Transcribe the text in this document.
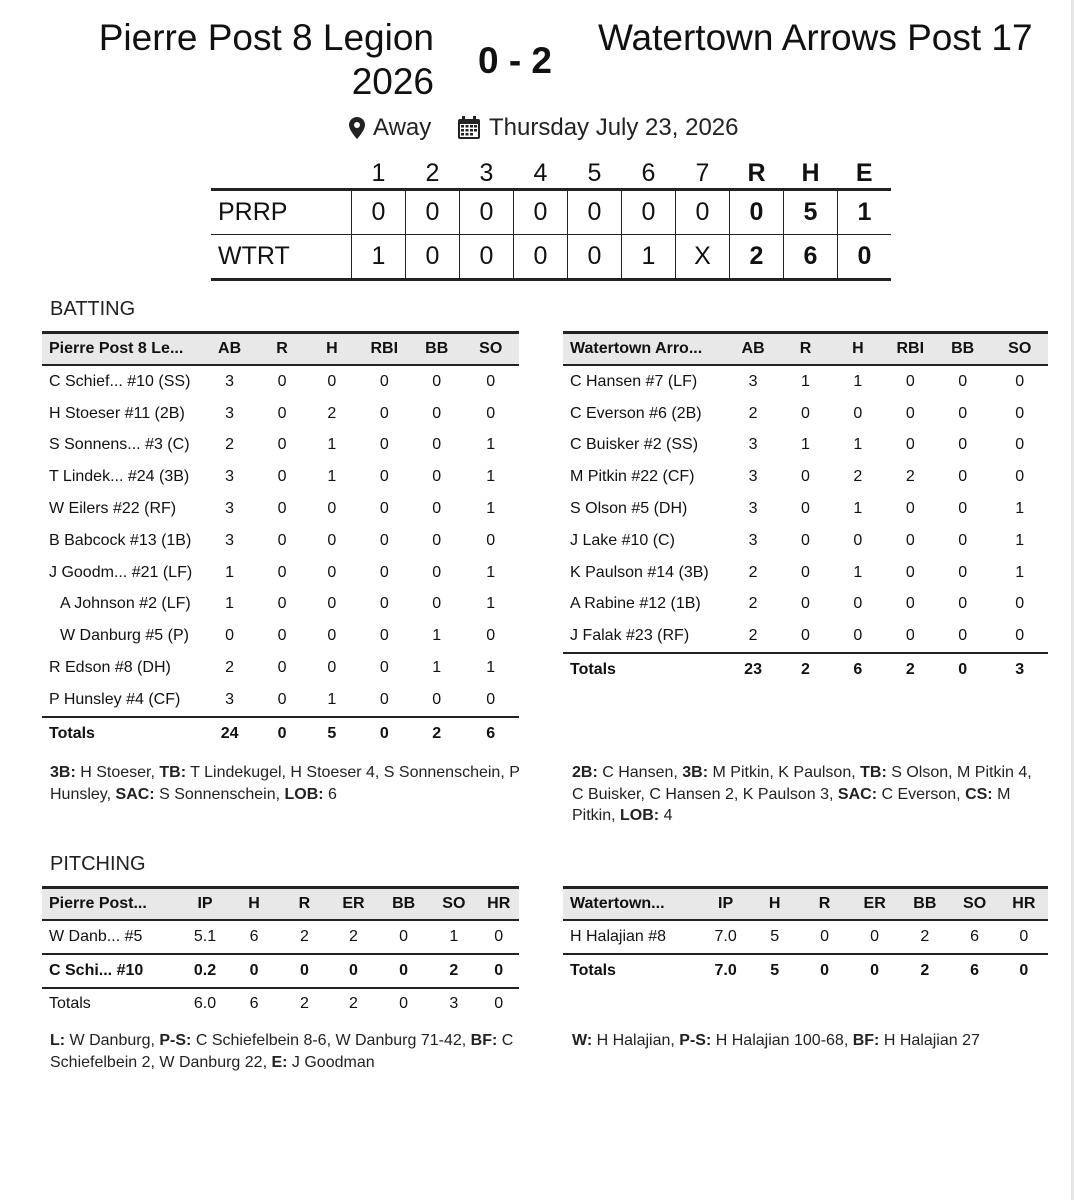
Pierre Post 8 Legion 2026
0 - 2
Watertown Arrows Post 17
Away Thursday July 23, 2026
	1	2	3	4	5	6	7	R	H	E
PRRP	0	0	0	0	0	0	0	0	5	1
WTRT	1	0	0	0	0	1	X	2	6	0
BATTING
Pierre Post 8 Le...	AB	R	H	RBI	BB	SO
C Schief... #10 (SS)	3	0	0	0	0	0
H Stoeser #11 (2B)	3	0	2	0	0	0
S Sonnens... #3 (C)	2	0	1	0	0	1
T Lindek... #24 (3B)	3	0	1	0	0	1
W Eilers #22 (RF)	3	0	0	0	0	1
B Babcock #13 (1B)	3	0	0	0	0	0
J Goodm... #21 (LF)	1	0	0	0	0	1
A Johnson #2 (LF)	1	0	0	0	0	1
W Danburg #5 (P)	0	0	0	0	1	0
R Edson #8 (DH)	2	0	0	0	1	1
P Hunsley #4 (CF)	3	0	1	0	0	0
Totals	24	0	5	0	2	6
Watertown Arro...	AB	R	H	RBI	BB	SO
C Hansen #7 (LF)	3	1	1	0	0	0
C Everson #6 (2B)	2	0	0	0	0	0
C Buisker #2 (SS)	3	1	1	0	0	0
M Pitkin #22 (CF)	3	0	2	2	0	0
S Olson #5 (DH)	3	0	1	0	0	1
J Lake #10 (C)	3	0	0	0	0	1
K Paulson #14 (3B)	2	0	1	0	0	1
A Rabine #12 (1B)	2	0	0	0	0	0
J Falak #23 (RF)	2	0	0	0	0	0
Totals	23	2	6	2	0	3
3B: H Stoeser, TB: T Lindekugel, H Stoeser 4, S Sonnenschein, P Hunsley, SAC: S Sonnenschein, LOB: 6
2B: C Hansen, 3B: M Pitkin, K Paulson, TB: S Olson, M Pitkin 4, C Buisker, C Hansen 2, K Paulson 3, SAC: C Everson, CS: M Pitkin, LOB: 4
PITCHING
Pierre Post...	IP	H	R	ER	BB	SO	HR
W Danb... #5	5.1	6	2	2	0	1	0
C Schi... #10	0.2	0	0	0	0	2	0
Totals	6.0	6	2	2	0	3	0
Watertown...	IP	H	R	ER	BB	SO	HR
H Halajian #8	7.0	5	0	0	2	6	0
Totals	7.0	5	0	0	2	6	0
L: W Danburg, P-S: C Schiefelbein 8-6, W Danburg 71-42, BF: C Schiefelbein 2, W Danburg 22, E: J Goodman
W: H Halajian, P-S: H Halajian 100-68, BF: H Halajian 27
